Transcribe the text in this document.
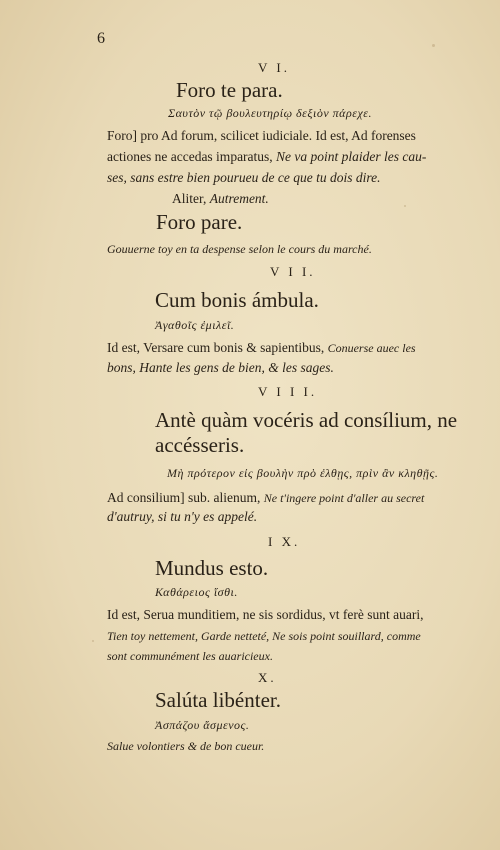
6
V I.
Foro te para.
Σαυτὸν τῷ βουλευτηρίῳ δεξιὸν πάρεχε.
Foro] pro Ad forum, scilicet iudiciale. Id est, Ad forenses
actiones ne accedas imparatus, Ne va point plaider les cau-
ses, sans estre bien pourueu de ce que tu dois dire.
Aliter, Autrement.
Foro pare.
Gouuerne toy en ta despense selon le cours du marché.
V I I.
Cum bonis ámbula.
Ἀγαθοῖς ἐμιλεῖ.
Id est, Versare cum bonis & sapientibus, Conuerse auec les
bons, Hante les gens de bien, & les sages.
V I I I.
Antè quàm vocéris ad consílium, ne
accésseris.
Μὴ πρότερον εἰς βουλὴν πρὸ ἐλθῃς, πρὶν ἂν κληθῇς.
Ad consilium] sub. alienum, Ne t'ingere point d'aller au secret
d'autruy, si tu n'y es appelé.
I X.
Mundus esto.
Καθάρειος ἴσθι.
Id est, Serua munditiem, ne sis sordidus, vt ferè sunt auari,
Tien toy nettement, Garde netteté, Ne sois point souillard, comme
sont communément les auaricieux.
X.
Salúta libénter.
Ἀσπάζου ἄσμενος.
Salue volontiers & de bon cueur.
